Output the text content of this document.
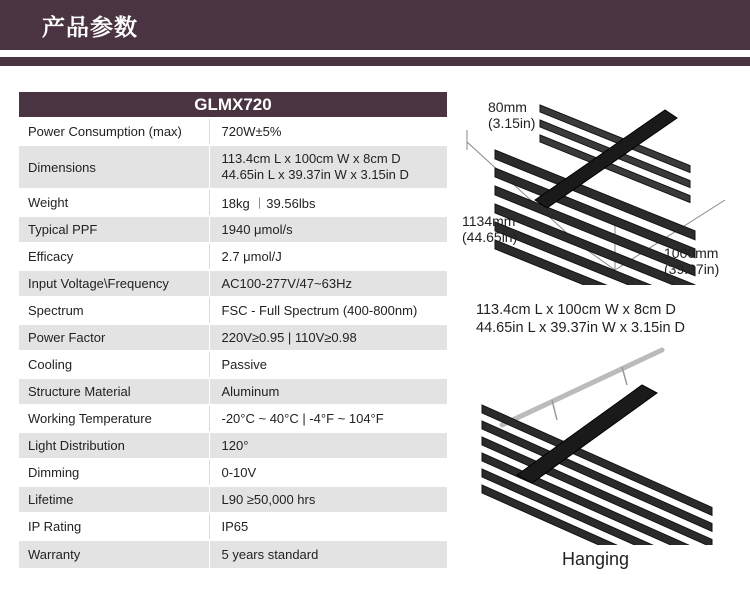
产品参数
GLMX720	
Power Consumption (max)	720W±5%
Dimensions	113.4cm L x 100cm W x 8cm D
44.65in L x 39.37in W x 3.15in D

Weight	18kg ︱39.56lbs
Typical PPF	1940 μmol/s
Efficacy	2.7 μmol/J
Input Voltage\Frequency	AC100-277V/47~63Hz
Spectrum	FSC - Full Spectrum (400-800nm)
Power Factor	220V≥0.95 | 110V≥0.98
Cooling	Passive
Structure Material	Aluminum
Working Temperature	-20°C ~ 40°C | -4°F ~ 104°F
Light Distribution	120°
Dimming	0-10V
Lifetime	L90 ≥50,000 hrs
IP Rating	IP65
Warranty	5 years standard
80mm
(3.15in)
1134mm
(44.65in)
1000mm
(39.37in)
113.4cm L x 100cm W x 8cm D
44.65in L x 39.37in W x 3.15in D
Hanging
